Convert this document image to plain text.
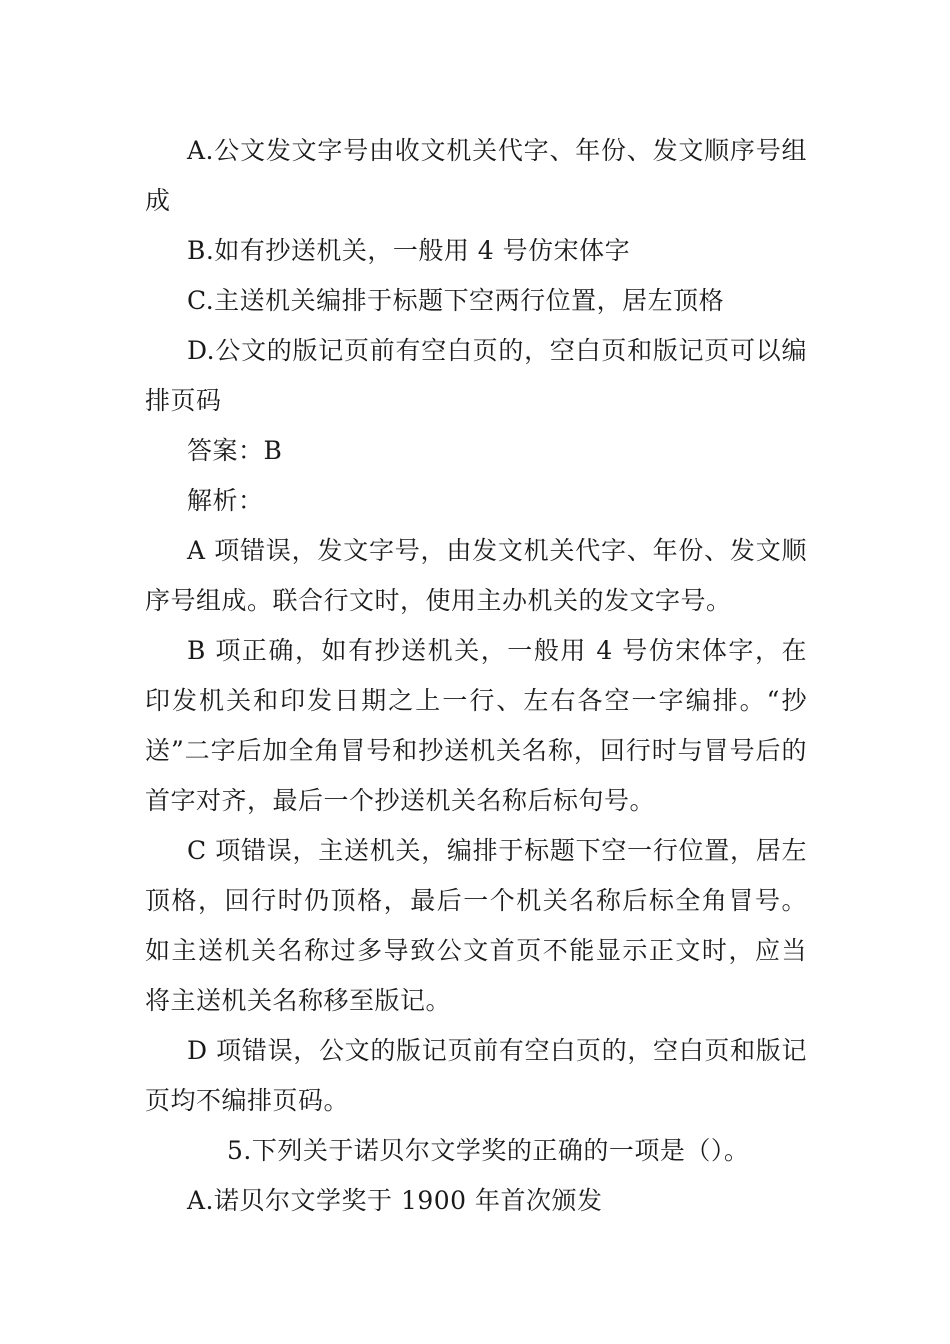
A.公文发文字号由收文机关代字、年份、发文顺序号组成

B.如有抄送机关，一般用 4 号仿宋体字

C.主送机关编排于标题下空两行位置，居左顶格

D.公文的版记页前有空白页的，空白页和版记页可以编排页码

答案：B

解析：

A 项错误，发文字号，由发文机关代字、年份、发文顺序号组成。联合行文时，使用主办机关的发文字号。

B 项正确，如有抄送机关，一般用 4 号仿宋体字，在印发机关和印发日期之上一行、左右各空一字编排。“抄送”二字后加全角冒号和抄送机关名称，回行时与冒号后的首字对齐，最后一个抄送机关名称后标句号。

C 项错误，主送机关，编排于标题下空一行位置，居左顶格，回行时仍顶格，最后一个机关名称后标全角冒号。如主送机关名称过多导致公文首页不能显示正文时，应当将主送机关名称移至版记。

D 项错误，公文的版记页前有空白页的，空白页和版记页均不编排页码。

5.下列关于诺贝尔文学奖的正确的一项是（）。

A.诺贝尔文学奖于 1900 年首次颁发
